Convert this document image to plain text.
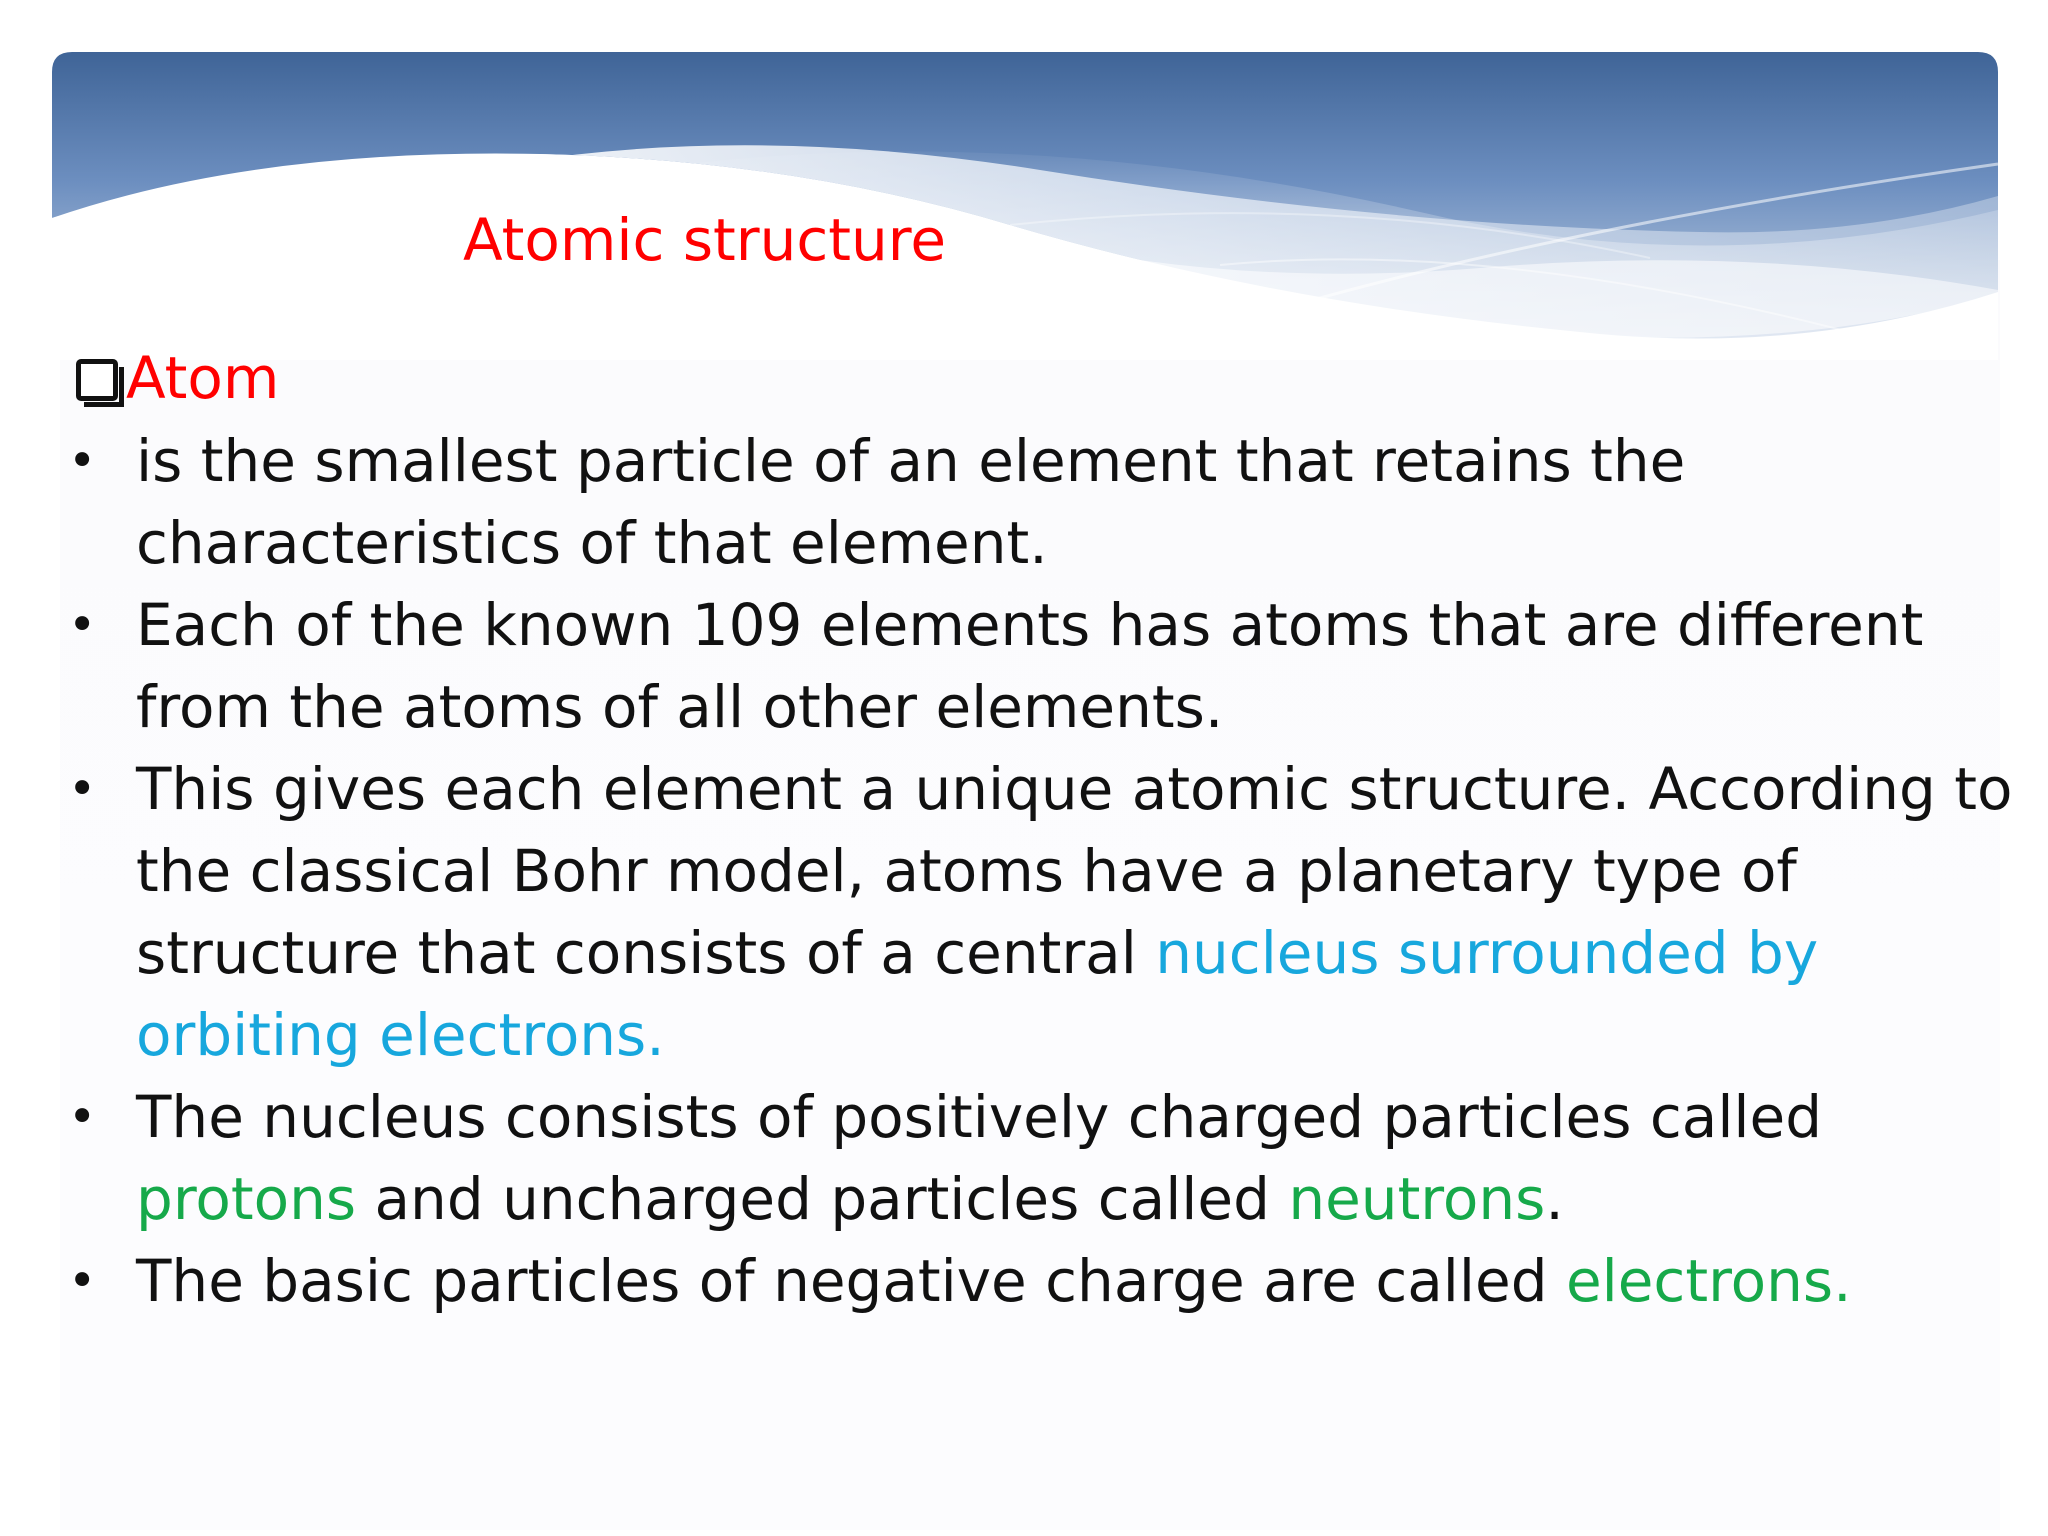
Atomic structure
Atom
• is the smallest particle of an element that retains the
characteristics of that element.
• Each of the known 109 elements has atoms that are different
from the atoms of all other elements.
• This gives each element a unique atomic structure. According to
the classical Bohr model, atoms have a planetary type of
structure that consists of a central nucleus surrounded by
orbiting electrons.
• The nucleus consists of positively charged particles called
protons and uncharged particles called neutrons.
• The basic particles of negative charge are called electrons.
